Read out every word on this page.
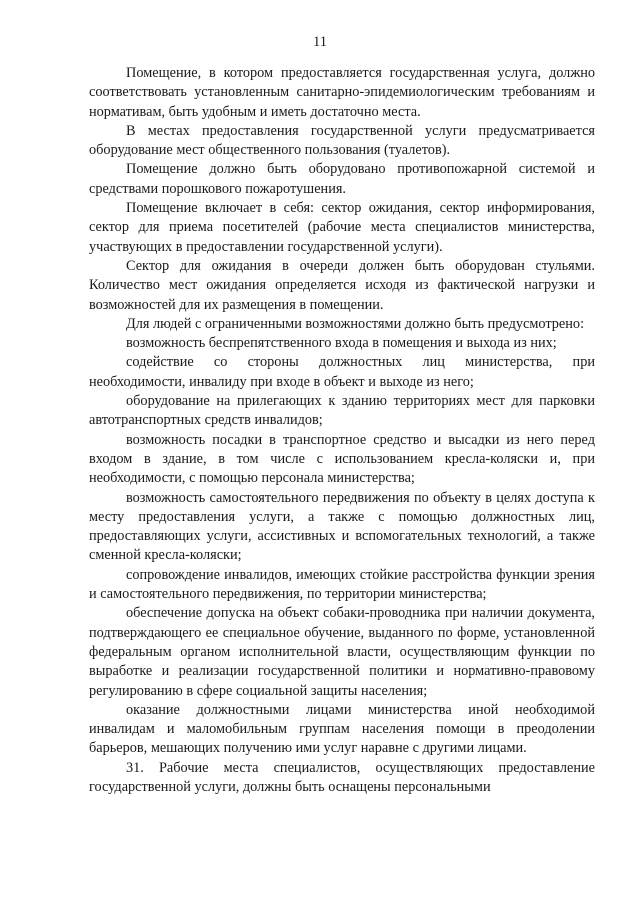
11

Помещение, в котором предоставляется государственная услуга, должно соответствовать установленным санитарно-эпидемиологическим требованиям и нормативам, быть удобным и иметь достаточно места.

В местах предоставления государственной услуги предусматривается оборудование мест общественного пользования (туалетов).

Помещение должно быть оборудовано противопожарной системой и средствами порошкового пожаротушения.

Помещение включает в себя: сектор ожидания, сектор информирования, сектор для приема посетителей (рабочие места специалистов министерства, участвующих в предоставлении государственной услуги).

Сектор для ожидания в очереди должен быть оборудован стульями. Количество мест ожидания определяется исходя из фактической нагрузки и возможностей для их размещения в помещении.

Для людей с ограниченными возможностями должно быть предусмотрено:

возможность беспрепятственного входа в помещения и выхода из них;

содействие со стороны должностных лиц министерства, при необходимости, инвалиду при входе в объект и выходе из него;

оборудование на прилегающих к зданию территориях мест для парковки автотранспортных средств инвалидов;

возможность посадки в транспортное средство и высадки из него перед входом в здание, в том числе с использованием кресла-коляски и, при необходимости, с помощью персонала министерства;

возможность самостоятельного передвижения по объекту в целях доступа к месту предоставления услуги, а также с помощью должностных лиц, предоставляющих услуги, ассистивных и вспомогательных технологий, а также сменной кресла-коляски;

сопровождение инвалидов, имеющих стойкие расстройства функции зрения и самостоятельного передвижения, по территории министерства;

обеспечение допуска на объект собаки-проводника при наличии документа, подтверждающего ее специальное обучение, выданного по форме, установленной федеральным органом исполнительной власти, осуществляющим функции по выработке и реализации государственной политики и нормативно-правовому регулированию в сфере социальной защиты населения;

оказание должностными лицами министерства иной необходимой инвалидам и маломобильным группам населения помощи в преодолении барьеров, мешающих получению ими услуг наравне с другими лицами.

31. Рабочие места специалистов, осуществляющих предоставление государственной услуги, должны быть оснащены персональными
